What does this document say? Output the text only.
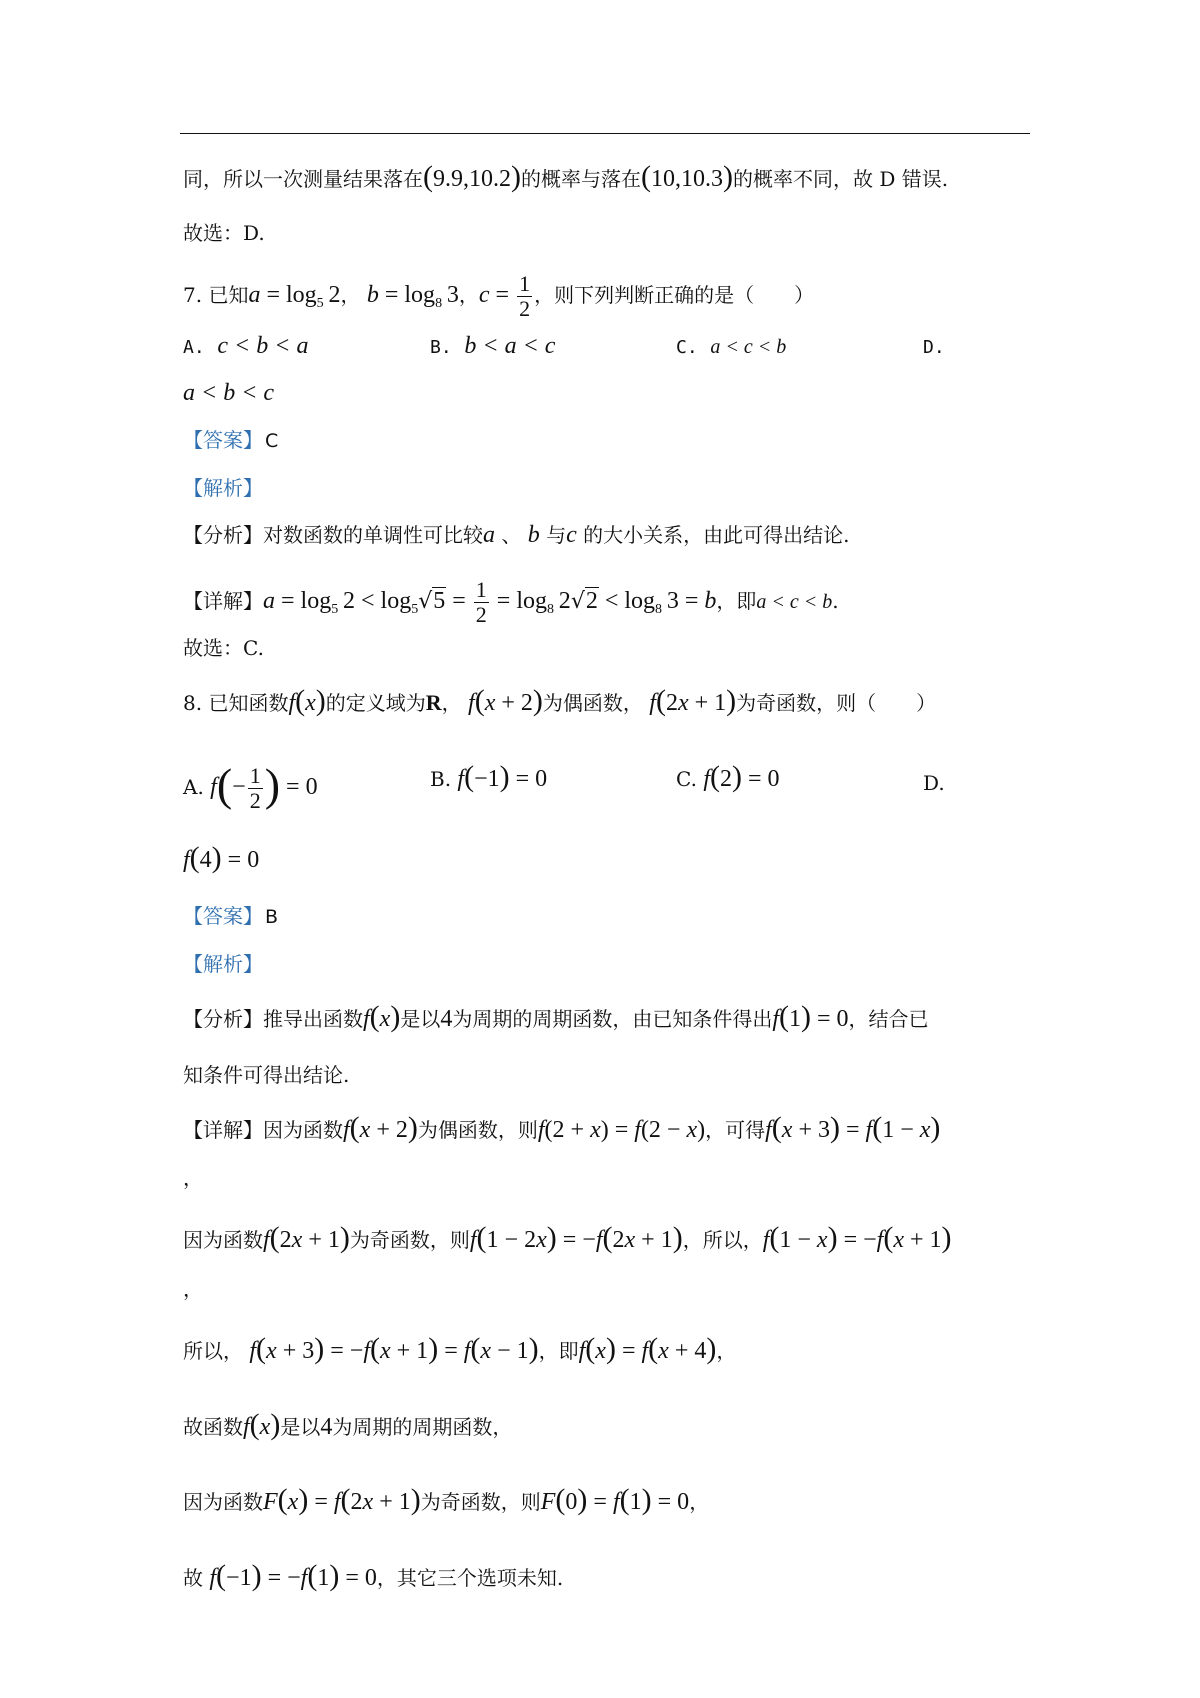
同，所以一次测量结果落在(9.9,10.2)的概率与落在(10,10.3)的概率不同，故 D 错误.
故选：D.
7. 已知$a = \log_5 2$， $b = \log_8 3$，$c = \frac{1}{2}$ ，则下列判断正确的是（　　）
A. c < b < a	B. b < a < c	C. a < c < b	D.
a < b < c
【答案】 C
【解析】
【分析】对数函数的单调性可比较a 、 b 与c 的大小关系，由此可得出结论.
【详解】$a = \log_5 2 < \log_5√5 = \frac{1}{2} = \log_8 2√2 < \log_8 3 = b$，即a < c < b.
故选：C.
8. 已知函数f(x)的定义域为R， f(x + 2)为偶函数， f(2x + 1)为奇函数，则（　　）
A. $f(- \frac{1}{2}$ ) = 0	B. f(−1) = 0	C. f(2) = 0	D.
f(4) = 0
【答案】 B
【解析】
【分析】推导出函数f(x)是以4为周期的周期函数，由已知条件得出f(1) = 0，结合已
知条件可得出结论.
【详解】因为函数f(x + 2)为偶函数，则f(2 + x) = f(2 − x)，可得f(x + 3) = f(1 − x)
，
因为函数f(2x + 1)为奇函数，则f(1 − 2x) = −f(2x + 1)，所以，f(1 − x) = −f(x + 1)
，
所以， f(x + 3) = −f(x + 1) = f(x − 1)，即f(x) = f(x + 4)，
故函数f(x)是以4为周期的周期函数，
因为函数F(x) = f(2x + 1)为奇函数，则F(0) = f(1) = 0，
故 f(−1) = −f(1) = 0，其它三个选项未知.
